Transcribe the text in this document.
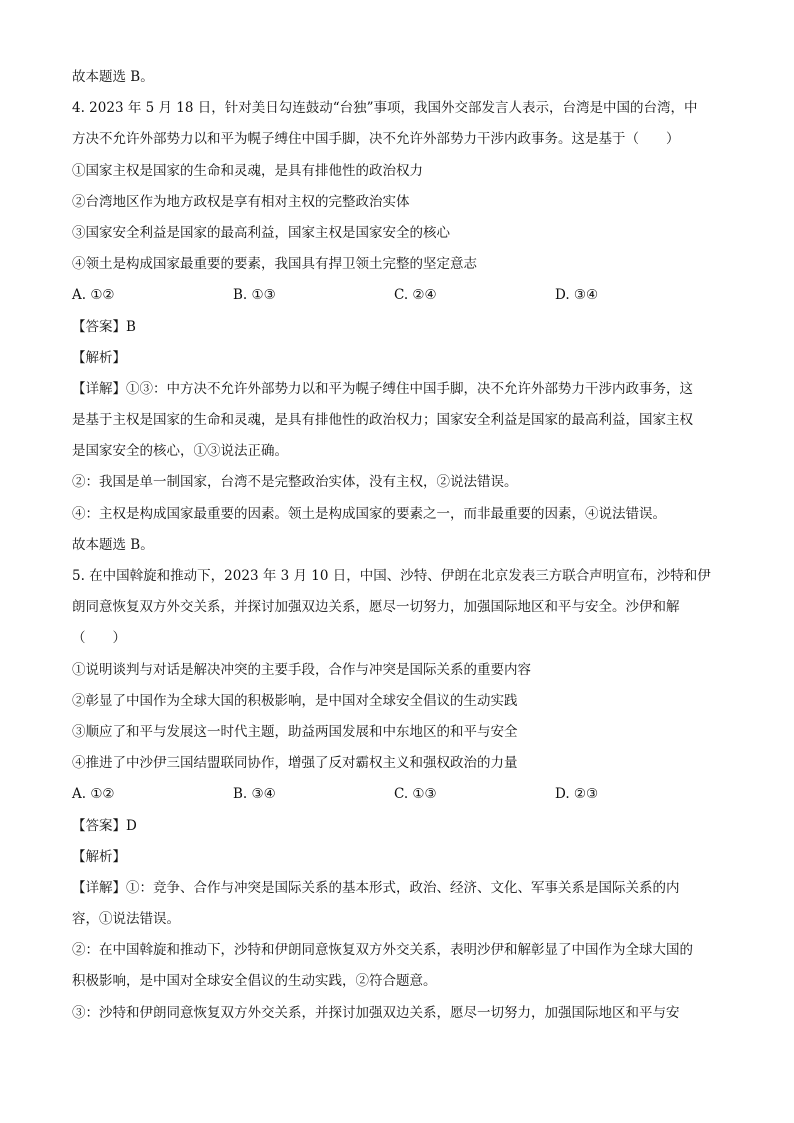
故本题选 B。
4. 2023 年 5 月 18 日，针对美日勾连鼓动“台独”事项，我国外交部发言人表示，台湾是中国的台湾，中
方决不允许外部势力以和平为幌子缚住中国手脚，决不允许外部势力干涉内政事务。这是基于（　　）
①国家主权是国家的生命和灵魂，是具有排他性的政治权力
②台湾地区作为地方政权是享有相对主权的完整政治实体
③国家安全利益是国家的最高利益，国家主权是国家安全的核心
④领土是构成国家最重要的要素，我国具有捍卫领土完整的坚定意志
A. ①②	B. ①③	C. ②④	D. ③④
【答案】B
【解析】
【详解】①③：中方决不允许外部势力以和平为幌子缚住中国手脚，决不允许外部势力干涉内政事务，这
是基于主权是国家的生命和灵魂，是具有排他性的政治权力；国家安全利益是国家的最高利益，国家主权
是国家安全的核心，①③说法正确。
②：我国是单一制国家，台湾不是完整政治实体，没有主权，②说法错误。
④：主权是构成国家最重要的因素。领土是构成国家的要素之一，而非最重要的因素，④说法错误。
故本题选 B。
5. 在中国斡旋和推动下，2023 年 3 月 10 日，中国、沙特、伊朗在北京发表三方联合声明宣布，沙特和伊
朗同意恢复双方外交关系，并探讨加强双边关系，愿尽一切努力，加强国际地区和平与安全。沙伊和解
（　　）
①说明谈判与对话是解决冲突的主要手段，合作与冲突是国际关系的重要内容
②彰显了中国作为全球大国的积极影响，是中国对全球安全倡议的生动实践
③顺应了和平与发展这一时代主题，助益两国发展和中东地区的和平与安全
④推进了中沙伊三国结盟联同协作，增强了反对霸权主义和强权政治的力量
A. ①②	B. ③④	C. ①③	D. ②③
【答案】D
【解析】
【详解】①：竞争、合作与冲突是国际关系的基本形式，政治、经济、文化、军事关系是国际关系的内
容，①说法错误。
②：在中国斡旋和推动下，沙特和伊朗同意恢复双方外交关系，表明沙伊和解彰显了中国作为全球大国的
积极影响，是中国对全球安全倡议的生动实践，②符合题意。
③：沙特和伊朗同意恢复双方外交关系，并探讨加强双边关系，愿尽一切努力，加强国际地区和平与安
